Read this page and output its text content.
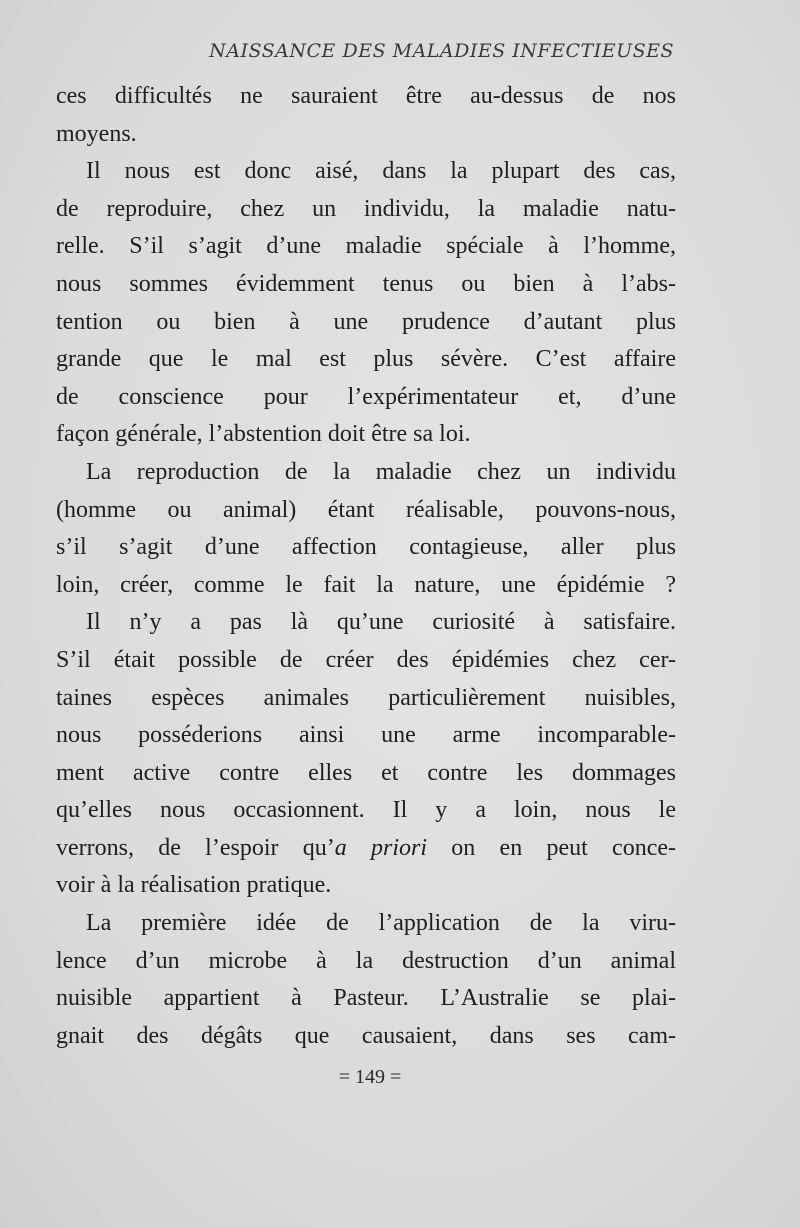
NAISSANCE DES MALADIES INFECTIEUSES
ces difficultés ne sauraient être au-dessus de nos
moyens.
Il nous est donc aisé, dans la plupart des cas,
de reproduire, chez un individu, la maladie natu-
relle. S’il s’agit d’une maladie spéciale à l’homme,
nous sommes évidemment tenus ou bien à l’abs-
tention ou bien à une prudence d’autant plus
grande que le mal est plus sévère. C’est affaire
de conscience pour l’expérimentateur et, d’une
façon générale, l’abstention doit être sa loi.
La reproduction de la maladie chez un individu
(homme ou animal) étant réalisable, pouvons-nous,
s’il s’agit d’une affection contagieuse, aller plus
loin, créer, comme le fait la nature, une épidémie ?
Il n’y a pas là qu’une curiosité à satisfaire.
S’il était possible de créer des épidémies chez cer-
taines espèces animales particulièrement nuisibles,
nous posséderions ainsi une arme incomparable-
ment active contre elles et contre les dommages
qu’elles nous occasionnent. Il y a loin, nous le
verrons, de l’espoir qu’a priori on en peut conce-
voir à la réalisation pratique.
La première idée de l’application de la viru-
lence d’un microbe à la destruction d’un animal
nuisible appartient à Pasteur. L’Australie se plai-
gnait des dégâts que causaient, dans ses cam-
= 149 =
